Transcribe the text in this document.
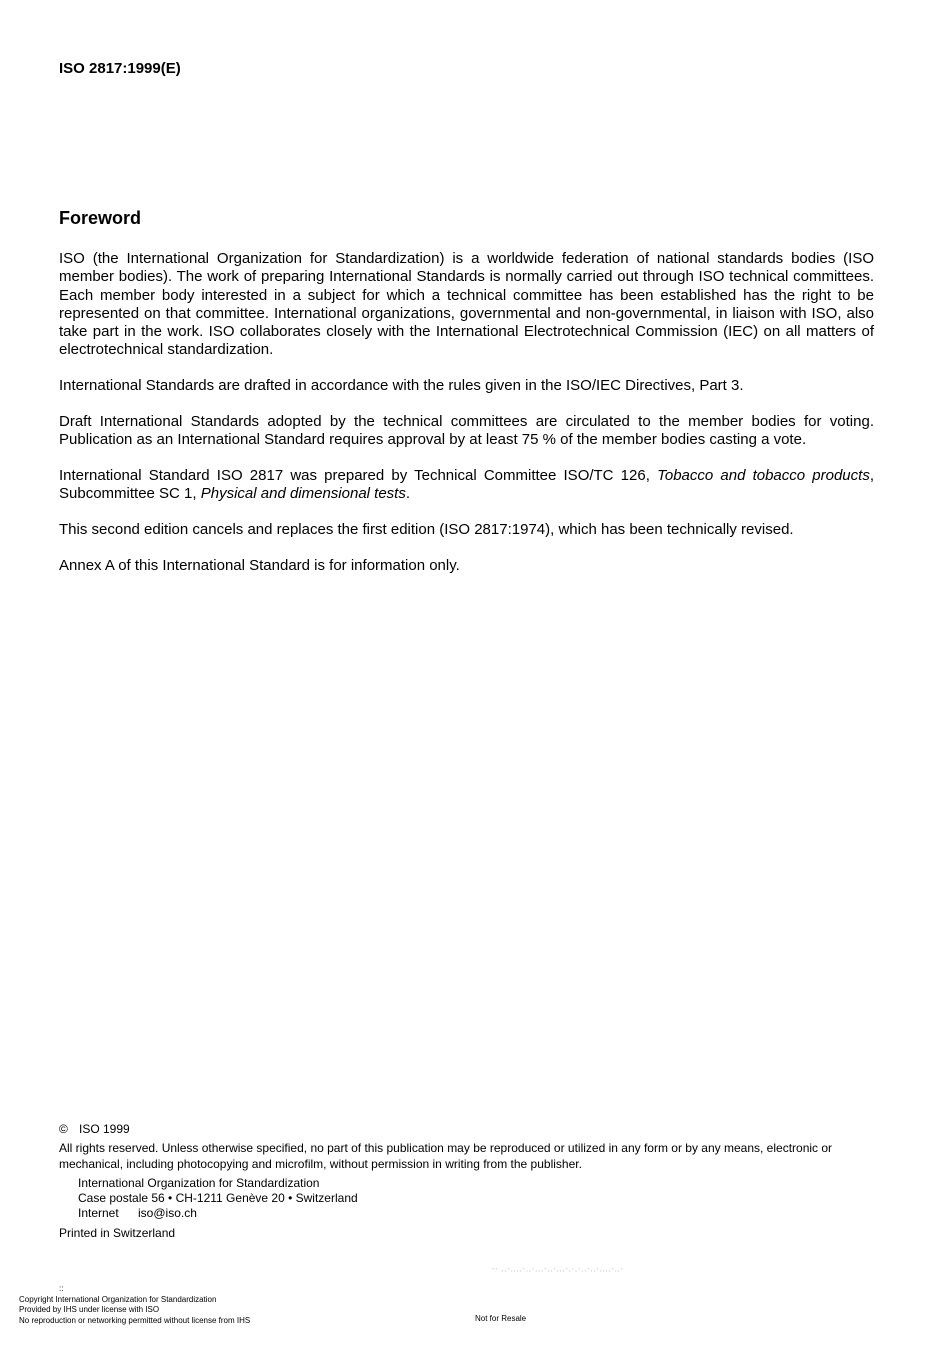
ISO 2817:1999(E)
Foreword

ISO (the International Organization for Standardization) is a worldwide federation of national standards bodies (ISO member bodies). The work of preparing International Standards is normally carried out through ISO technical committees. Each member body interested in a subject for which a technical committee has been established has the right to be represented on that committee. International organizations, governmental and non-governmental, in liaison with ISO, also take part in the work. ISO collaborates closely with the International Electrotechnical Commission (IEC) on all matters of electrotechnical standardization.

International Standards are drafted in accordance with the rules given in the ISO/IEC Directives, Part 3.

Draft International Standards adopted by the technical committees are circulated to the member bodies for voting. Publication as an International Standard requires approval by at least 75 % of the member bodies casting a vote.

International Standard ISO 2817 was prepared by Technical Committee ISO/TC 126, Tobacco and tobacco products, Subcommittee SC 1, Physical and dimensional tests.

This second edition cancels and replaces the first edition (ISO 2817:1974), which has been technically revised.

Annex A of this International Standard is for information only.

© ISO 1999
All rights reserved. Unless otherwise specified, no part of this publication may be reproduced or utilized in any form or by any means, electronic or mechanical, including photocopying and microfilm, without permission in writing from the publisher.
International Organization for Standardization
Case postale 56 • CH-1211 Genève 20 • Switzerland
Internet iso@iso.ch
Printed in Switzerland
-- ,,-,,,,-,,-,,,-,,-,,,-,-,-,,-,,-,,,,-,,-
::
Copyright International Organization for Standardization
Provided by IHS under license with ISO
No reproduction or networking permitted without license from IHS	Not for Resale
